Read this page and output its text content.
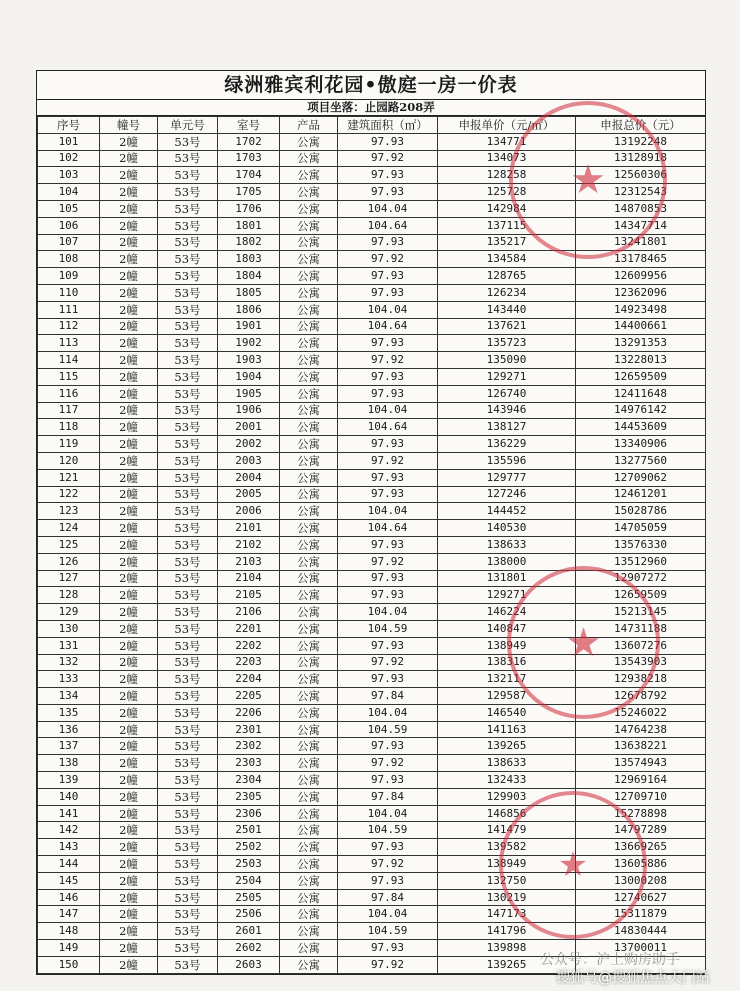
绿洲雅宾利花园•傲庭一房一价表
项目坐落：止园路208弄
序号	幢号	单元号	室号	产品	建筑面积（㎡）	申报单价（元/㎡）	申报总价（元）
101	2幢	53号	1702	公寓	97.93	134771	13192248
102	2幢	53号	1703	公寓	97.92	134073	13128918
103	2幢	53号	1704	公寓	97.93	128258	12560306
104	2幢	53号	1705	公寓	97.93	125728	12312543
105	2幢	53号	1706	公寓	104.04	142984	14870853
106	2幢	53号	1801	公寓	104.64	137115	14347714
107	2幢	53号	1802	公寓	97.93	135217	13241801
108	2幢	53号	1803	公寓	97.92	134584	13178465
109	2幢	53号	1804	公寓	97.93	128765	12609956
110	2幢	53号	1805	公寓	97.93	126234	12362096
111	2幢	53号	1806	公寓	104.04	143440	14923498
112	2幢	53号	1901	公寓	104.64	137621	14400661
113	2幢	53号	1902	公寓	97.93	135723	13291353
114	2幢	53号	1903	公寓	97.92	135090	13228013
115	2幢	53号	1904	公寓	97.93	129271	12659509
116	2幢	53号	1905	公寓	97.93	126740	12411648
117	2幢	53号	1906	公寓	104.04	143946	14976142
118	2幢	53号	2001	公寓	104.64	138127	14453609
119	2幢	53号	2002	公寓	97.93	136229	13340906
120	2幢	53号	2003	公寓	97.92	135596	13277560
121	2幢	53号	2004	公寓	97.93	129777	12709062
122	2幢	53号	2005	公寓	97.93	127246	12461201
123	2幢	53号	2006	公寓	104.04	144452	15028786
124	2幢	53号	2101	公寓	104.64	140530	14705059
125	2幢	53号	2102	公寓	97.93	138633	13576330
126	2幢	53号	2103	公寓	97.92	138000	13512960
127	2幢	53号	2104	公寓	97.93	131801	12907272
128	2幢	53号	2105	公寓	97.93	129271	12659509
129	2幢	53号	2106	公寓	104.04	146224	15213145
130	2幢	53号	2201	公寓	104.59	140847	14731188
131	2幢	53号	2202	公寓	97.93	138949	13607276
132	2幢	53号	2203	公寓	97.92	138316	13543903
133	2幢	53号	2204	公寓	97.93	132117	12938218
134	2幢	53号	2205	公寓	97.84	129587	12678792
135	2幢	53号	2206	公寓	104.04	146540	15246022
136	2幢	53号	2301	公寓	104.59	141163	14764238
137	2幢	53号	2302	公寓	97.93	139265	13638221
138	2幢	53号	2303	公寓	97.92	138633	13574943
139	2幢	53号	2304	公寓	97.93	132433	12969164
140	2幢	53号	2305	公寓	97.84	129903	12709710
141	2幢	53号	2306	公寓	104.04	146856	15278898
142	2幢	53号	2501	公寓	104.59	141479	14797289
143	2幢	53号	2502	公寓	97.93	139582	13669265
144	2幢	53号	2503	公寓	97.92	138949	13605886
145	2幢	53号	2504	公寓	97.93	132750	13000208
146	2幢	53号	2505	公寓	97.84	130219	12740627
147	2幢	53号	2506	公寓	104.04	147173	15311879
148	2幢	53号	2601	公寓	104.59	141796	14830444
149	2幢	53号	2602	公寓	97.93	139898	13700011
150	2幢	53号	2603	公寓	97.92	139265	
★
★
★
公众号：沪上购房助手
搜狐号@搜狐焦点天门站
